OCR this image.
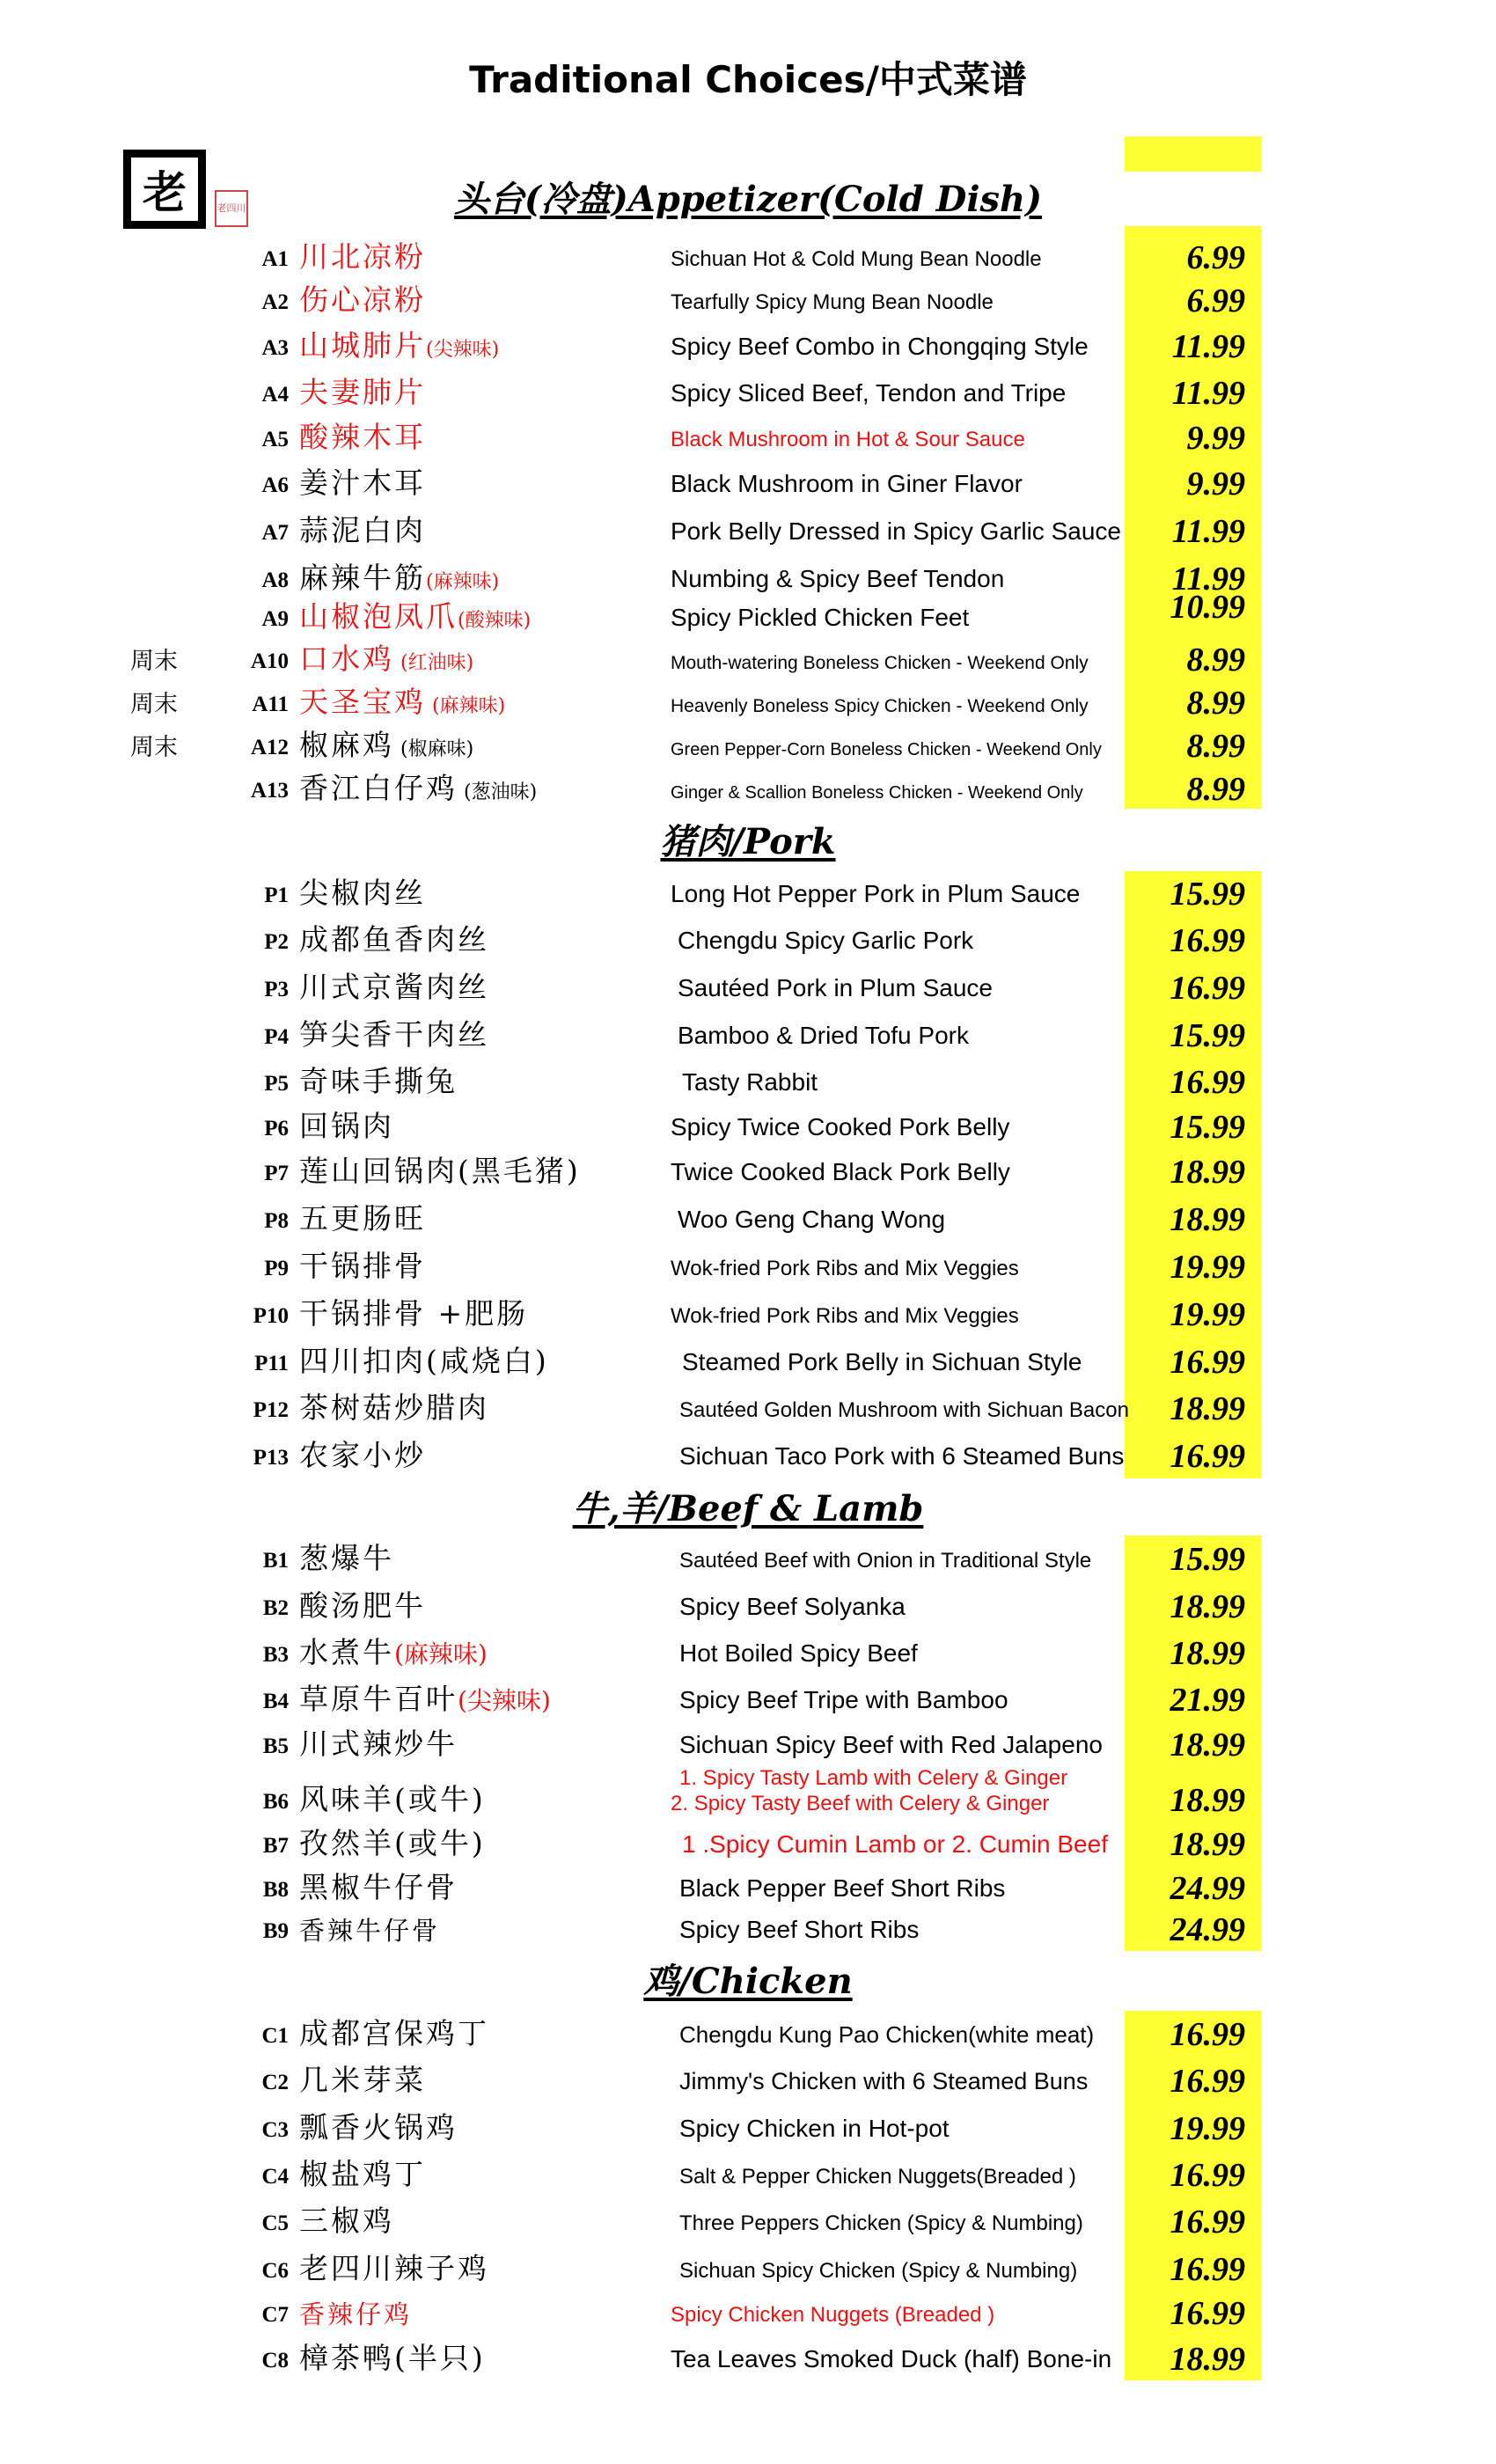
Traditional Choices/中式菜谱
老	老四川	头台(冷盘)Appetizer(Cold Dish)
猪肉/Pork
牛,羊/Beef & Lamb
鸡/Chicken
A1 川北凉粉	Sichuan Hot & Cold Mung Bean Noodle	6.99
A2 伤心凉粉	Tearfully Spicy Mung Bean Noodle	6.99
A3 山城肺片(尖辣味)	Spicy Beef Combo in Chongqing Style	11.99
A4 夫妻肺片	Spicy Sliced Beef, Tendon and Tripe	11.99
A5 酸辣木耳	Black Mushroom in Hot & Sour Sauce	9.99
A6 姜汁木耳	Black Mushroom in Giner Flavor	9.99
A7 蒜泥白肉	Pork Belly Dressed in Spicy Garlic Sauce	11.99
A8 麻辣牛筋(麻辣味)	Numbing & Spicy Beef Tendon	11.99
A9 山椒泡凤爪(酸辣味)	Spicy Pickled Chicken Feet	10.99
周末	A10 口水鸡 (红油味)	Mouth-watering Boneless Chicken - Weekend Only	8.99
周末	A11 天圣宝鸡 (麻辣味)	Heavenly Boneless Spicy Chicken - Weekend Only	8.99
周末	A12 椒麻鸡 (椒麻味)	Green Pepper-Corn Boneless Chicken - Weekend Only	8.99
A13 香江白仔鸡 (葱油味)	Ginger & Scallion Boneless Chicken - Weekend Only	8.99
P1 尖椒肉丝	Long Hot Pepper Pork in Plum Sauce	15.99
P2 成都鱼香肉丝	Chengdu Spicy Garlic Pork	16.99
P3 川式京酱肉丝	Sautéed Pork in Plum Sauce	16.99
P4 笋尖香干肉丝	Bamboo & Dried Tofu Pork	15.99
P5 奇味手撕兔	Tasty Rabbit	16.99
P6 回锅肉	Spicy Twice Cooked Pork Belly	15.99
P7 莲山回锅肉(黑毛猪)	Twice Cooked Black Pork Belly	18.99
P8 五更肠旺	Woo Geng Chang Wong	18.99
P9 干锅排骨	Wok-fried Pork Ribs and Mix Veggies	19.99
P10 干锅排骨 +肥肠	Wok-fried Pork Ribs and Mix Veggies	19.99
P11 四川扣肉(咸烧白)	Steamed Pork Belly in Sichuan Style	16.99
P12 茶树菇炒腊肉	Sautéed Golden Mushroom with Sichuan Bacon	18.99
P13 农家小炒	Sichuan Taco Pork with 6 Steamed Buns	16.99
B1 葱爆牛	Sautéed Beef with Onion in Traditional Style	15.99
B2 酸汤肥牛	Spicy Beef Solyanka	18.99
B3 水煮牛(麻辣味)	Hot Boiled Spicy Beef	18.99
B4 草原牛百叶(尖辣味)	Spicy Beef Tripe with Bamboo	21.99
B5 川式辣炒牛	Sichuan Spicy Beef with Red Jalapeno	18.99
B6 风味羊(或牛)
1. Spicy Tasty Lamb with Celery & Ginger
2. Spicy Tasty Beef with Celery & Ginger	18.99
B7 孜然羊(或牛)	1 .Spicy Cumin Lamb or 2. Cumin Beef	18.99
B8 黑椒牛仔骨	Black Pepper Beef Short Ribs	24.99
B9 香辣牛仔骨	Spicy Beef Short Ribs	24.99
C1 成都宫保鸡丁	Chengdu Kung Pao Chicken(white meat)	16.99
C2 几米芽菜	Jimmy's Chicken with 6 Steamed Buns	16.99
C3 瓢香火锅鸡	Spicy Chicken in Hot-pot	19.99
C4 椒盐鸡丁	Salt & Pepper Chicken Nuggets(Breaded )	16.99
C5 三椒鸡	Three Peppers Chicken (Spicy & Numbing)	16.99
C6 老四川辣子鸡	Sichuan Spicy Chicken (Spicy & Numbing)	16.99
C7 香辣仔鸡	Spicy Chicken Nuggets (Breaded )	16.99
C8 樟茶鸭(半只)	Tea Leaves Smoked Duck (half) Bone-in	18.99
